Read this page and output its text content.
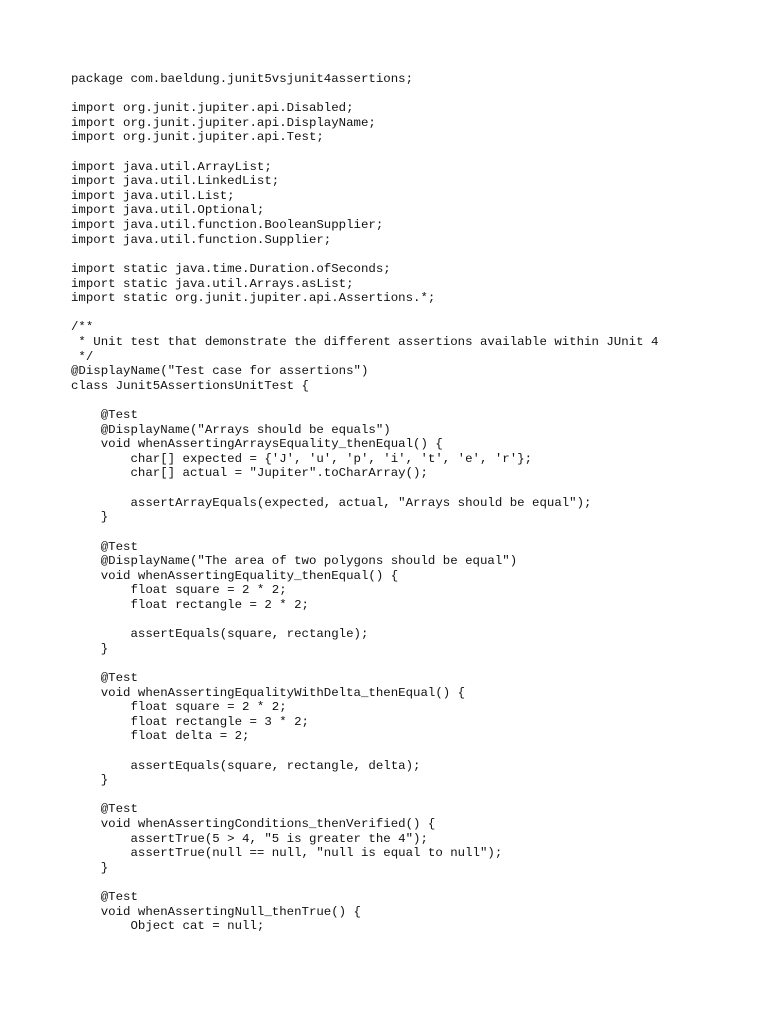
package com.baeldung.junit5vsjunit4assertions;
import org.junit.jupiter.api.Disabled;
import org.junit.jupiter.api.DisplayName;
import org.junit.jupiter.api.Test;
import java.util.ArrayList;
import java.util.LinkedList;
import java.util.List;
import java.util.Optional;
import java.util.function.BooleanSupplier;
import java.util.function.Supplier;
import static java.time.Duration.ofSeconds;
import static java.util.Arrays.asList;
import static org.junit.jupiter.api.Assertions.*;
/**
* Unit test that demonstrate the different assertions available within JUnit 4
*/
@DisplayName("Test case for assertions")
class Junit5AssertionsUnitTest {
@Test
@DisplayName("Arrays should be equals")
void whenAssertingArraysEquality_thenEqual() {
char[] expected = {'J', 'u', 'p', 'i', 't', 'e', 'r'};
char[] actual = "Jupiter".toCharArray();
assertArrayEquals(expected, actual, "Arrays should be equal");
}
@Test
@DisplayName("The area of two polygons should be equal")
void whenAssertingEquality_thenEqual() {
float square = 2 * 2;
float rectangle = 2 * 2;
assertEquals(square, rectangle);
}
@Test
void whenAssertingEqualityWithDelta_thenEqual() {
float square = 2 * 2;
float rectangle = 3 * 2;
float delta = 2;
assertEquals(square, rectangle, delta);
}
@Test
void whenAssertingConditions_thenVerified() {
assertTrue(5 > 4, "5 is greater the 4");
assertTrue(null == null, "null is equal to null");
}
@Test
void whenAssertingNull_thenTrue() {
Object cat = null;
